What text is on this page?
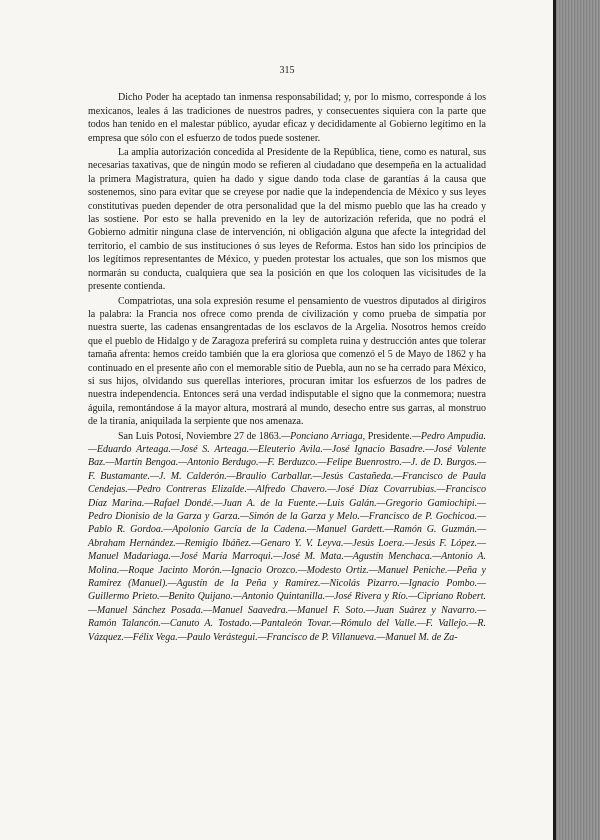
315

Dicho Poder ha aceptado tan inmensa responsabilidad; y, por lo mismo, corresponde á los mexicanos, leales á las tradiciones de nuestros padres, y consecuentes siquiera con la parte que todos han tenido en el malestar público, ayudar eficaz y decididamente al Gobierno legítimo en la empresa que sólo con el esfuerzo de todos puede sostener.

La amplia autorización concedida al Presidente de la República, tiene, como es natural, sus necesarias taxativas, que de ningún modo se refieren al ciudadano que desempeña en la actualidad la primera Magistratura, quien ha dado y sigue dando toda clase de garantías á la causa que sostenemos, sino para evitar que se creyese por nadie que la independencia de México y sus leyes constitutivas pueden depender de otra personalidad que la del mismo pueblo que las ha creado y las sostiene. Por esto se halla prevenido en la ley de autorización referida, que no podrá el Gobierno admitir ninguna clase de intervención, ni obligación alguna que afecte la integridad del territorio, el cambio de sus instituciones ó sus leyes de Reforma. Estos han sido los principios de los legítimos representantes de México, y pueden protestar los actuales, que son los mismos que normarán su conducta, cualquiera que sea la posición en que los coloquen las vicisitudes de la presente contienda.

Compatriotas, una sola expresión resume el pensamiento de vuestros diputados al dirigiros la palabra: la Francia nos ofrece como prenda de civilización y como prueba de simpatía por nuestra suerte, las cadenas ensangrentadas de los esclavos de la Argelia. Nosotros hemos creído que el pueblo de Hidalgo y de Zaragoza preferirá su completa ruina y destrucción antes que tolerar tamaña afrenta: hemos creído también que la era gloriosa que comenzó el 5 de Mayo de 1862 y ha continuado en el presente año con el memorable sitio de Puebla, aun no se ha cerrado para México, si sus hijos, olvidando sus querellas interiores, procuran imitar los esfuerzos de los padres de nuestra independencia. Entonces será una verdad indisputable el signo que la conmemora; nuestra águila, remontándose á la mayor altura, mostrará al mundo, desecho entre sus garras, al monstruo de la tiranía, aniquilada la serpiente que nos amenaza.

San Luis Potosí, Noviembre 27 de 1863.—Ponciano Arriaga, Presidente.—Pedro Ampudia.—Eduardo Arteaga.—José S. Arteaga.—Eleuterio Avila.—José Ignacio Basadre.—José Valente Baz.—Martín Bengoa.—Antonio Berdugo.—F. Berduzco.—Felipe Buenrostro.—J. de D. Burgos.—F. Bustamante.—J. M. Calderón.—Braulio Carballar.—Jesús Castañeda.—Francisco de Paula Cendejas.—Pedro Contreras Elizalde.—Alfredo Chavero.—José Díaz Covarrubias.—Francisco Díaz Marina.—Rafael Dondé.—Juan A. de la Fuente.—Luis Galán.—Gregorio Gamiochipi.—Pedro Dionisio de la Garza y Garza.—Simón de la Garza y Melo.—Francisco de P. Gochicoa.—Pablo R. Gordoa.—Apolonio García de la Cadena.—Manuel Gardett.—Ramón G. Guzmán.—Abraham Hernández.—Remigio Ibáñez.—Genaro Y. V. Leyva.—Jesús Loera.—Jesús F. López.—Manuel Madariaga.—José María Marroqui.—José M. Mata.—Agustín Menchaca.—Antonio A. Molina.—Roque Jacinto Morón.—Ignacio Orozco.—Modesto Ortiz.—Manuel Peniche.—Peña y Ramírez (Manuel).—Agustín de la Peña y Ramírez.—Nicolás Pizarro.—Ignacio Pombo.—Guillermo Prieto.—Benito Quijano.—Antonio Quintanilla.—José Rivera y Río.—Cipriano Robert.—Manuel Sánchez Posada.—Manuel Saavedra.—Manuel F. Soto.—Juan Suárez y Navarro.—Ramón Talancón.—Canuto A. Tostado.—Pantaleón Tovar.—Rómulo del Valle.—F. Vallejo.—R. Vázquez.—Félix Vega.—Paulo Verástegui.—Francisco de P. Villanueva.—Manuel M. de Za-
